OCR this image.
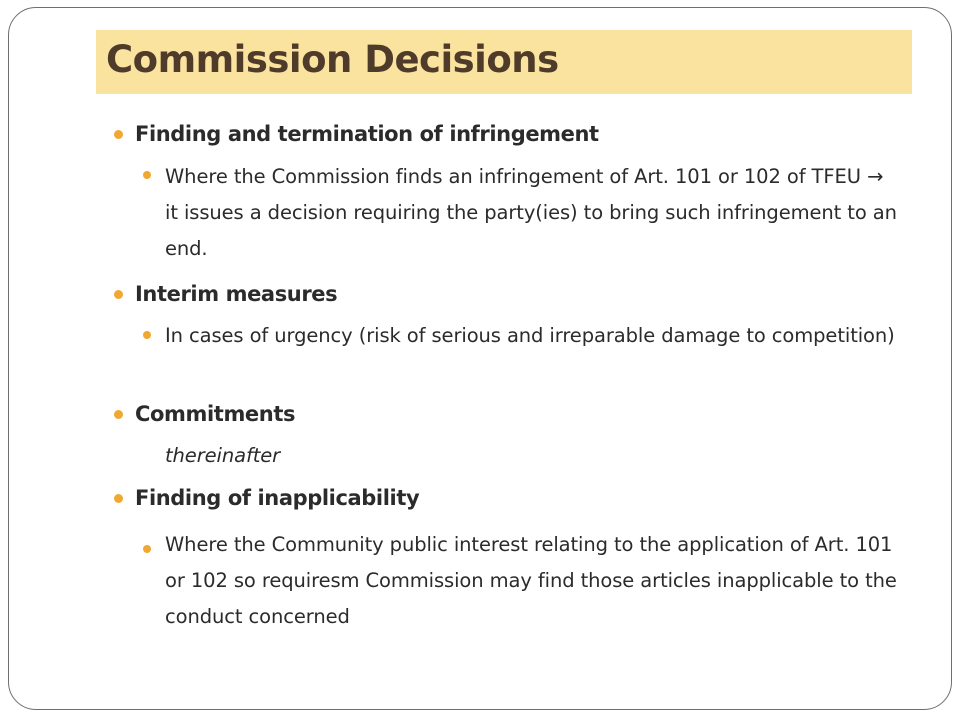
Commission Decisions
Finding and termination of infringement

Where the Commission finds an infringement of Art. 101 or 102 of TFEU → it issues a decision requiring the party(ies) to bring such infringement to an end.

Interim measures

In cases of urgency (risk of serious and irreparable damage to competition)

Commitments

thereinafter

Finding of inapplicability

Where the Community public interest relating to the application of Art. 101 or 102 so requiresm Commission may find those articles inapplicable to the conduct concerned
